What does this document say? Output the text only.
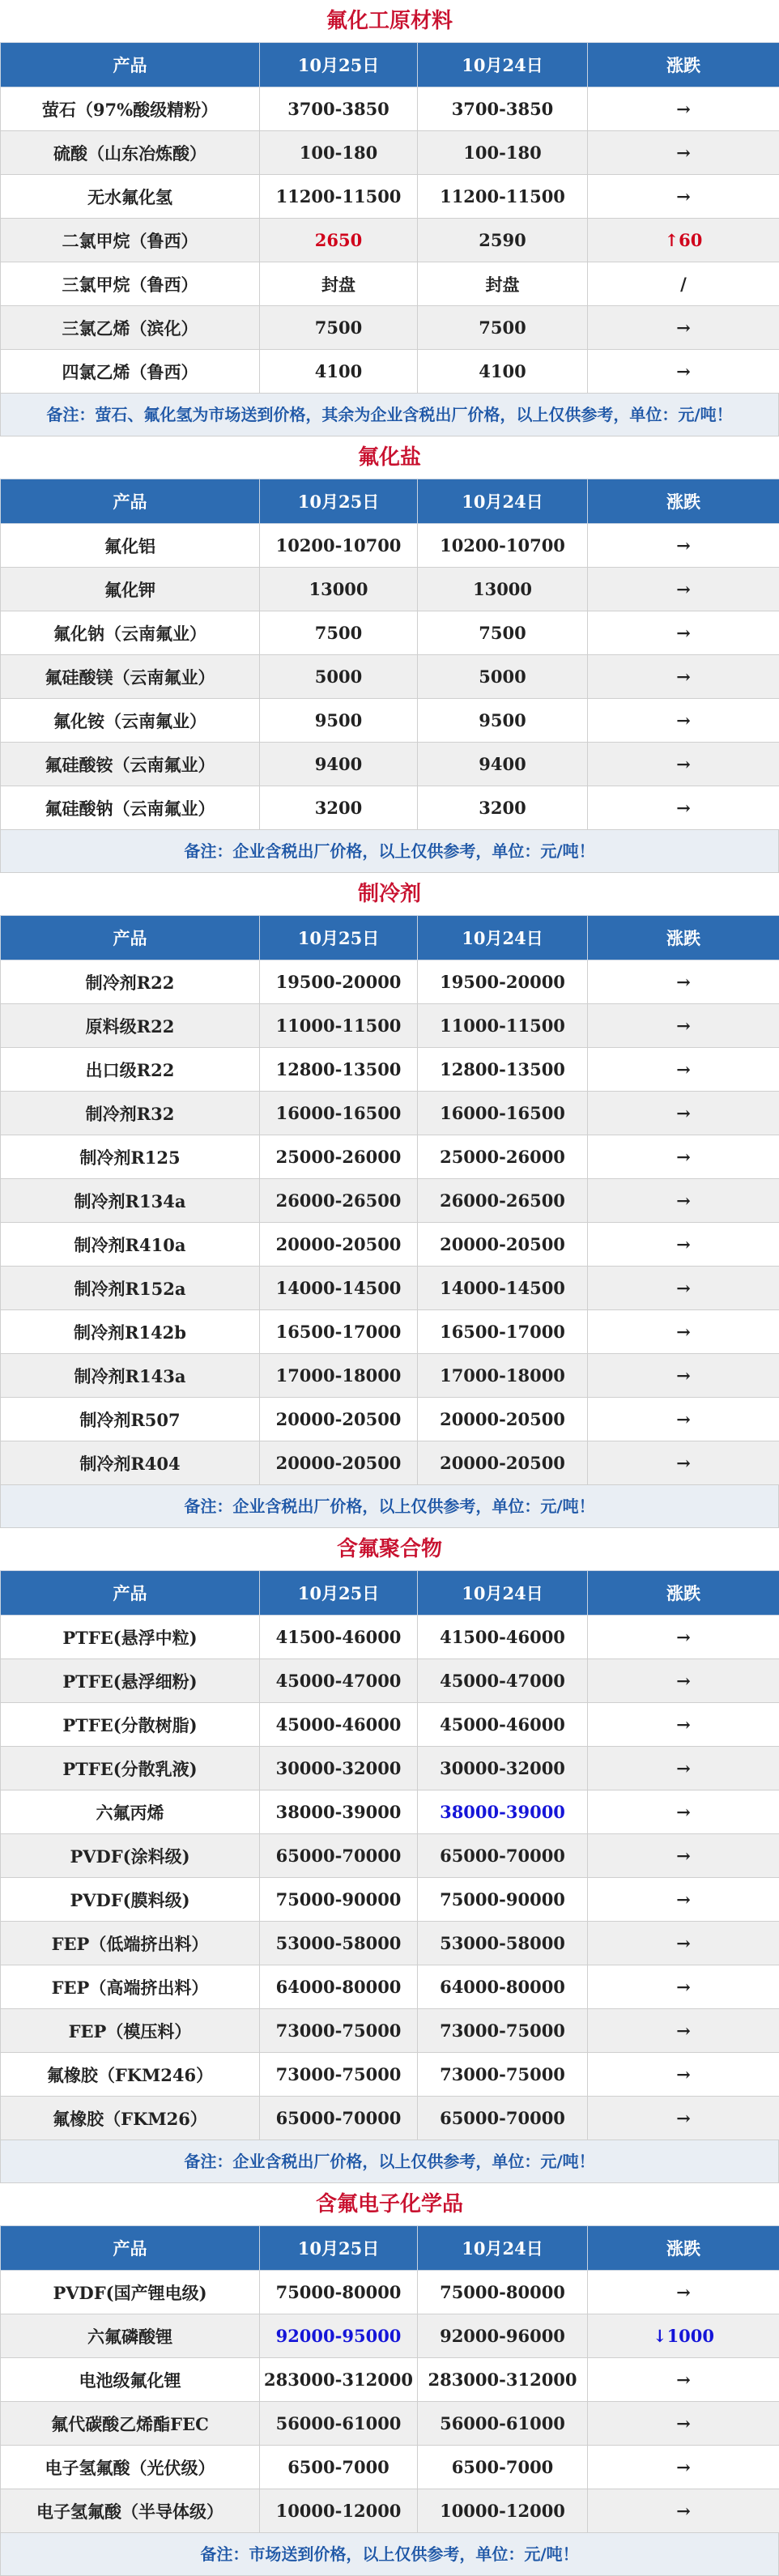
氟化工原材料
产品	10月25日	10月24日	涨跌
萤石（97%酸级精粉）	3700-3850	3700-3850	→
硫酸（山东冶炼酸）	100-180	100-180	→
无水氟化氢	11200-11500	11200-11500	→
二氯甲烷（鲁西）	2650	2590	↑60
三氯甲烷（鲁西）	封盘	封盘	/
三氯乙烯（滨化）	7500	7500	→
四氯乙烯（鲁西）	4100	4100	→
备注：萤石、氟化氢为市场送到价格，其余为企业含税出厂价格，以上仅供参考，单位：元/吨！
氟化盐
产品	10月25日	10月24日	涨跌
氟化铝	10200-10700	10200-10700	→
氟化钾	13000	13000	→
氟化钠（云南氟业）	7500	7500	→
氟硅酸镁（云南氟业）	5000	5000	→
氟化铵（云南氟业）	9500	9500	→
氟硅酸铵（云南氟业）	9400	9400	→
氟硅酸钠（云南氟业）	3200	3200	→
备注：企业含税出厂价格，以上仅供参考，单位：元/吨！
制冷剂
产品	10月25日	10月24日	涨跌
制冷剂R22	19500-20000	19500-20000	→
原料级R22	11000-11500	11000-11500	→
出口级R22	12800-13500	12800-13500	→
制冷剂R32	16000-16500	16000-16500	→
制冷剂R125	25000-26000	25000-26000	→
制冷剂R134a	26000-26500	26000-26500	→
制冷剂R410a	20000-20500	20000-20500	→
制冷剂R152a	14000-14500	14000-14500	→
制冷剂R142b	16500-17000	16500-17000	→
制冷剂R143a	17000-18000	17000-18000	→
制冷剂R507	20000-20500	20000-20500	→
制冷剂R404	20000-20500	20000-20500	→
备注：企业含税出厂价格，以上仅供参考，单位：元/吨！
含氟聚合物
产品	10月25日	10月24日	涨跌
PTFE(悬浮中粒)	41500-46000	41500-46000	→
PTFE(悬浮细粉)	45000-47000	45000-47000	→
PTFE(分散树脂)	45000-46000	45000-46000	→
PTFE(分散乳液)	30000-32000	30000-32000	→
六氟丙烯	38000-39000	38000-39000	→
PVDF(涂料级)	65000-70000	65000-70000	→
PVDF(膜料级)	75000-90000	75000-90000	→
FEP（低端挤出料）	53000-58000	53000-58000	→
FEP（高端挤出料）	64000-80000	64000-80000	→
FEP（模压料）	73000-75000	73000-75000	→
氟橡胶（FKM246）	73000-75000	73000-75000	→
氟橡胶（FKM26）	65000-70000	65000-70000	→
备注：企业含税出厂价格，以上仅供参考，单位：元/吨！
含氟电子化学品
产品	10月25日	10月24日	涨跌
PVDF(国产锂电级)	75000-80000	75000-80000	→
六氟磷酸锂	92000-95000	92000-96000	↓1000
电池级氟化锂	283000-312000	283000-312000	→
氟代碳酸乙烯酯FEC	56000-61000	56000-61000	→
电子氢氟酸（光伏级）	6500-7000	6500-7000	→
电子氢氟酸（半导体级）	10000-12000	10000-12000	→
备注：市场送到价格，以上仅供参考，单位：元/吨！
